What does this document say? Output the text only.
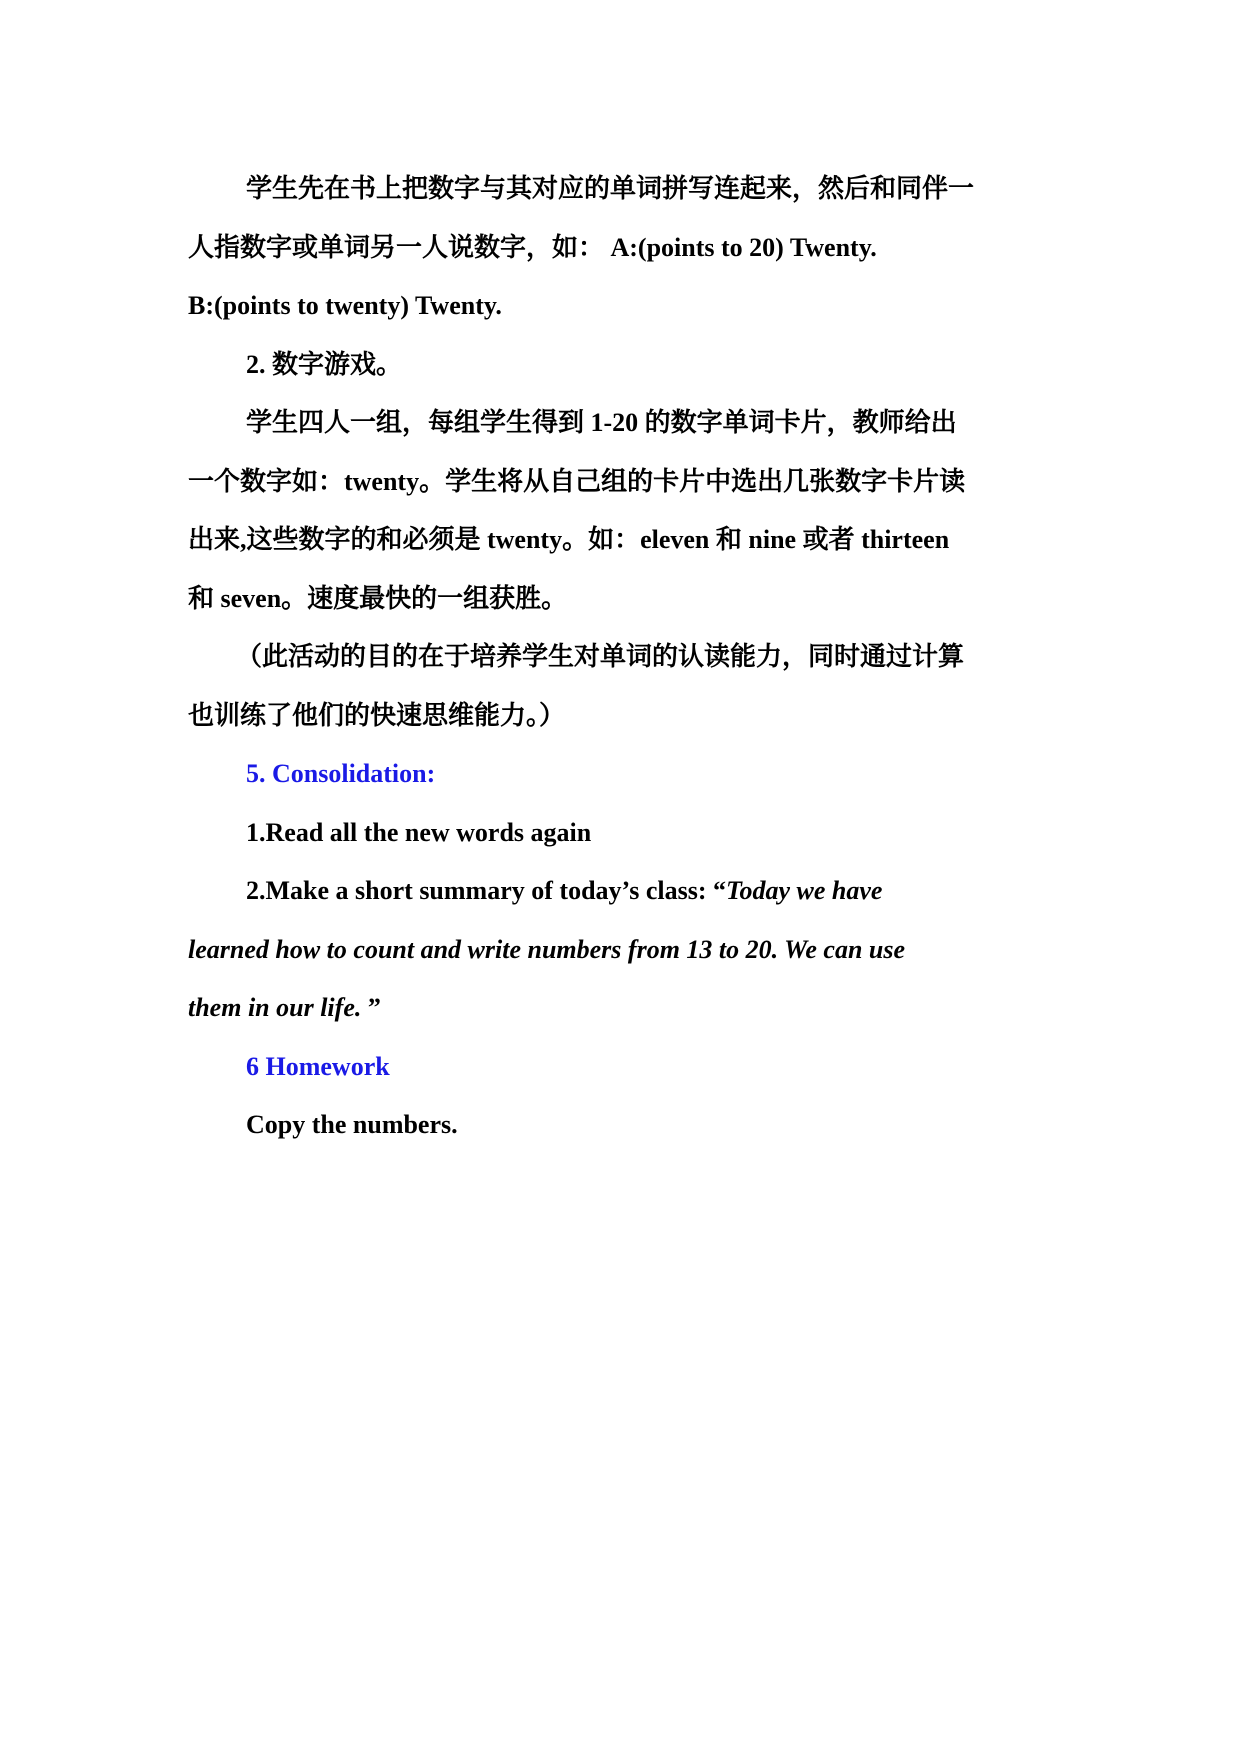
学生先在书上把数字与其对应的单词拼写连起来，然后和同伴一

人指数字或单词另一人说数字，如： A:(points to 20) Twenty.

B:(points to twenty) Twenty.

2. 数字游戏。

学生四人一组，每组学生得到 1-20 的数字单词卡片，教师给出

一个数字如：twenty。学生将从自己组的卡片中选出几张数字卡片读

出来,这些数字的和必须是 twenty。如：eleven 和 nine 或者 thirteen

和 seven。速度最快的一组获胜。

（此活动的目的在于培养学生对单词的认读能力，同时通过计算

也训练了他们的快速思维能力。）

5. Consolidation:

1.Read all the new words again

2.Make a short summary of today’s class: “Today we have

learned how to count and write numbers from 13 to 20. We can use

them in our life. ”

6 Homework

Copy the numbers.
